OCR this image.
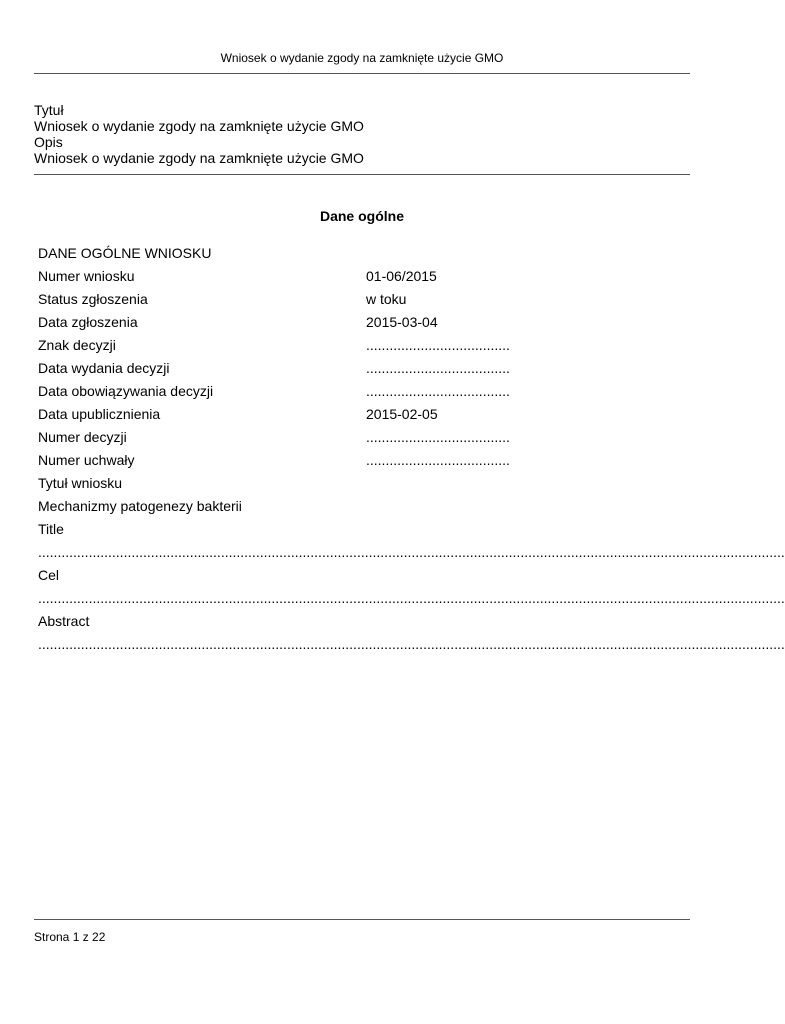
Wniosek o wydanie zgody na zamknięte użycie GMO
Tytuł
Wniosek o wydanie zgody na zamknięte użycie GMO
Opis
Wniosek o wydanie zgody na zamknięte użycie GMO
Dane ogólne
DANE OGÓLNE WNIOSKU
Numer wniosku	01-06/2015
Status zgłoszenia	w toku
Data zgłoszenia	2015-03-04
Znak decyzji	.....................................
Data wydania decyzji	.....................................
Data obowiązywania decyzji	.....................................
Data upublicznienia	2015-02-05
Numer decyzji	.....................................
Numer uchwały	.....................................
Tytuł wniosku
Mechanizmy patogenezy bakterii
Title
................................................................................................................................................................................................
Cel
................................................................................................................................................................................................
Abstract
................................................................................................................................................................................................
Strona 1 z 22
